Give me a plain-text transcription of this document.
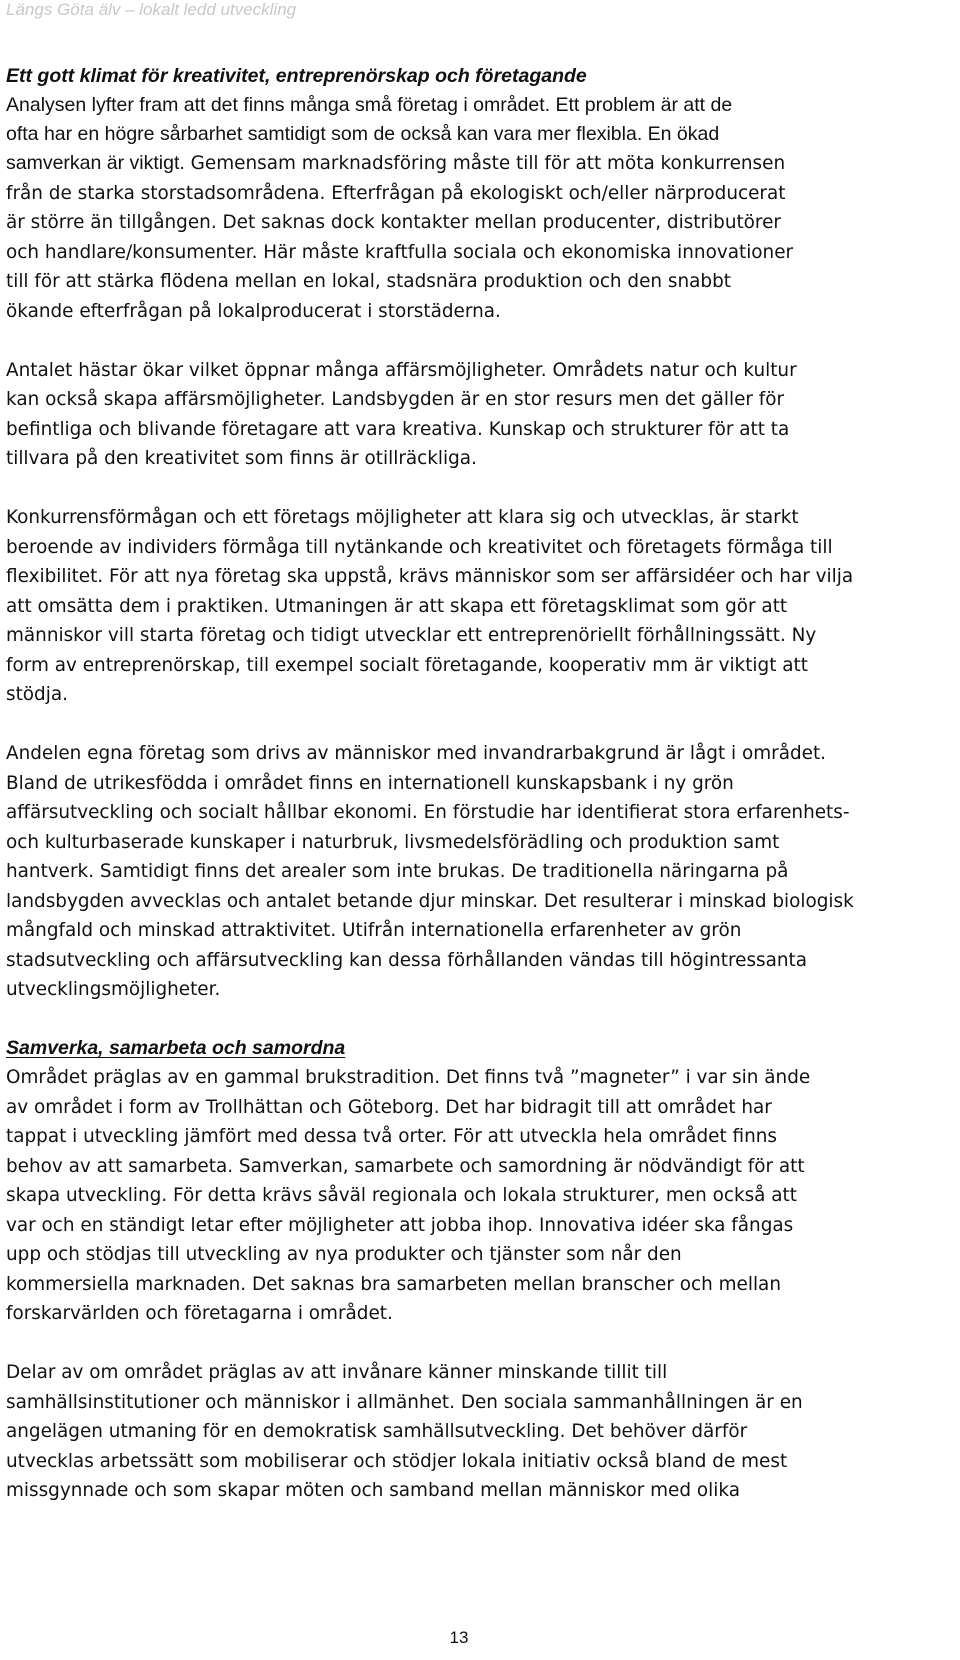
Längs Göta älv – lokalt ledd utveckling
Ett gott klimat för kreativitet, entreprenörskap och företagande

Analysen lyfter fram att det finns många små företag i området. Ett problem är att de
ofta har en högre sårbarhet samtidigt som de också kan vara mer flexibla. En ökad
samverkan är viktigt. Gemensam marknadsföring måste till för att möta konkurrensen

från de starka storstadsområdena. Efterfrågan på ekologiskt och/eller närproducerat
är större än tillgången. Det saknas dock kontakter mellan producenter, distributörer
och handlare/konsumenter. Här måste kraftfulla sociala och ekonomiska innovationer
till för att stärka flödena mellan en lokal, stadsnära produktion och den snabbt
ökande efterfrågan på lokalproducerat i storstäderna.

Antalet hästar ökar vilket öppnar många affärsmöjligheter. Områdets natur och kultur
kan också skapa affärsmöjligheter. Landsbygden är en stor resurs men det gäller för
befintliga och blivande företagare att vara kreativa. Kunskap och strukturer för att ta
tillvara på den kreativitet som finns är otillräckliga.

Konkurrensförmågan och ett företags möjligheter att klara sig och utvecklas, är starkt
beroende av individers förmåga till nytänkande och kreativitet och företagets förmåga till
flexibilitet. För att nya företag ska uppstå, krävs människor som ser affärsidéer och har vilja
att omsätta dem i praktiken. Utmaningen är att skapa ett företagsklimat som gör att
människor vill starta företag och tidigt utvecklar ett entreprenöriellt förhållningssätt. Ny
form av entreprenörskap, till exempel socialt företagande, kooperativ mm är viktigt att
stödja.

Andelen egna företag som drivs av människor med invandrarbakgrund är lågt i området.
Bland de utrikesfödda i området finns en internationell kunskapsbank i ny grön
affärsutveckling och socialt hållbar ekonomi. En förstudie har identifierat stora erfarenhets-
och kulturbaserade kunskaper i naturbruk, livsmedelsförädling och produktion samt
hantverk. Samtidigt finns det arealer som inte brukas. De traditionella näringarna på
landsbygden avvecklas och antalet betande djur minskar. Det resulterar i minskad biologisk
mångfald och minskad attraktivitet. Utifrån internationella erfarenheter av grön
stadsutveckling och affärsutveckling kan dessa förhållanden vändas till högintressanta
utvecklingsmöjligheter.

Samverka, samarbeta och samordna

Området präglas av en gammal brukstradition. Det finns två ”magneter” i var sin ände
av området i form av Trollhättan och Göteborg. Det har bidragit till att området har
tappat i utveckling jämfört med dessa två orter. För att utveckla hela området finns
behov av att samarbeta. Samverkan, samarbete och samordning är nödvändigt för att
skapa utveckling. För detta krävs såväl regionala och lokala strukturer, men också att
var och en ständigt letar efter möjligheter att jobba ihop. Innovativa idéer ska fångas
upp och stödjas till utveckling av nya produkter och tjänster som når den
kommersiella marknaden. Det saknas bra samarbeten mellan branscher och mellan
forskarvärlden och företagarna i området.

Delar av om området präglas av att invånare känner minskande tillit till
samhällsinstitutioner och människor i allmänhet. Den sociala sammanhållningen är en
angelägen utmaning för en demokratisk samhällsutveckling. Det behöver därför
utvecklas arbetssätt som mobiliserar och stödjer lokala initiativ också bland de mest
missgynnade och som skapar möten och samband mellan människor med olika

13
